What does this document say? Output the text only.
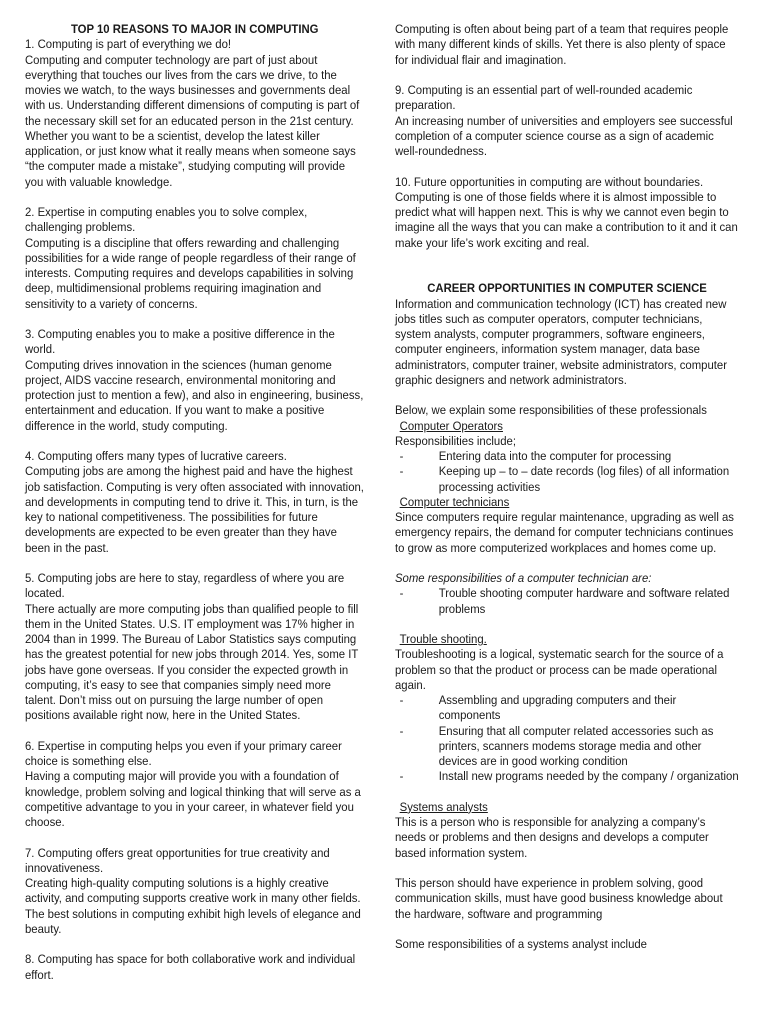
TOP 10 REASONS TO MAJOR IN COMPUTING

1. Computing is part of everything we do!

Computing and computer technology are part of just about everything that touches our lives from the cars we drive, to the movies we watch, to the ways businesses and governments deal with us. Understanding different dimensions of computing is part of the necessary skill set for an educated person in the 21st century. Whether you want to be a scientist, develop the latest killer application, or just know what it really means when someone says “the computer made a mistake”, studying computing will provide you with valuable knowledge.

2. Expertise in computing enables you to solve complex, challenging problems.

Computing is a discipline that offers rewarding and challenging possibilities for a wide range of people regardless of their range of interests. Computing requires and develops capabilities in solving deep, multidimensional problems requiring imagination and sensitivity to a variety of concerns.

3. Computing enables you to make a positive difference in the world.

Computing drives innovation in the sciences (human genome project, AIDS vaccine research, environmental monitoring and protection just to mention a few), and also in engineering, business, entertainment and education. If you want to make a positive difference in the world, study computing.

4. Computing offers many types of lucrative careers.

Computing jobs are among the highest paid and have the highest job satisfaction. Computing is very often associated with innovation, and developments in computing tend to drive it. This, in turn, is the key to national competitiveness. The possibilities for future developments are expected to be even greater than they have been in the past.

5. Computing jobs are here to stay, regardless of where you are located.

There actually are more computing jobs than qualified people to fill them in the United States. U.S. IT employment was 17% higher in 2004 than in 1999. The Bureau of Labor Statistics says computing has the greatest potential for new jobs through 2014. Yes, some IT jobs have gone overseas. If you consider the expected growth in computing, it’s easy to see that companies simply need more talent. Don’t miss out on pursuing the large number of open positions available right now, here in the United States.

6. Expertise in computing helps you even if your primary career choice is something else.

Having a computing major will provide you with a foundation of knowledge, problem solving and logical thinking that will serve as a competitive advantage to you in your career, in whatever field you choose.

7. Computing offers great opportunities for true creativity and innovativeness.

Creating high-quality computing solutions is a highly creative activity, and computing supports creative work in many other fields. The best solutions in computing exhibit high levels of elegance and beauty.

8. Computing has space for both collaborative work and individual effort.

Computing is often about being part of a team that requires people with many different kinds of skills. Yet there is also plenty of space for individual flair and imagination.

9. Computing is an essential part of well-rounded academic preparation.

An increasing number of universities and employers see successful completion of a computer science course as a sign of academic well-roundedness.

10. Future opportunities in computing are without boundaries.

Computing is one of those fields where it is almost impossible to predict what will happen next. This is why we cannot even begin to imagine all the ways that you can make a contribution to it and it can make your life’s work exciting and real.

CAREER OPPORTUNITIES IN COMPUTER SCIENCE

Information and communication technology (ICT) has created new jobs titles such as computer operators, computer technicians, system analysts, computer programmers, software engineers, computer engineers, information system manager, data base administrators, computer trainer, website administrators, computer graphic designers and network administrators.

Below, we explain some responsibilities of these professionals

Computer Operators

Responsibilities include;

-	Entering data into the computer for processing
-	Keeping up – to – date records (log files) of all information processing activities

Computer technicians

Since computers require regular maintenance, upgrading as well as emergency repairs, the demand for computer technicians continues to grow as more computerized workplaces and homes come up.

Some responsibilities of a computer technician are:

-	Trouble shooting computer hardware and software related problems

Trouble shooting.

Troubleshooting is a logical, systematic search for the source of a problem so that the product or process can be made operational again.

-	Assembling and upgrading computers and their components
-	Ensuring that all computer related accessories such as printers, scanners modems storage media and other devices are in good working condition
-	Install new programs needed by the company / organization

Systems analysts

This is a person who is responsible for analyzing a company’s needs or problems and then designs and develops a computer based information system.

This person should have experience in problem solving, good communication skills, must have good business knowledge about the hardware, software and programming

Some responsibilities of a systems analyst include
